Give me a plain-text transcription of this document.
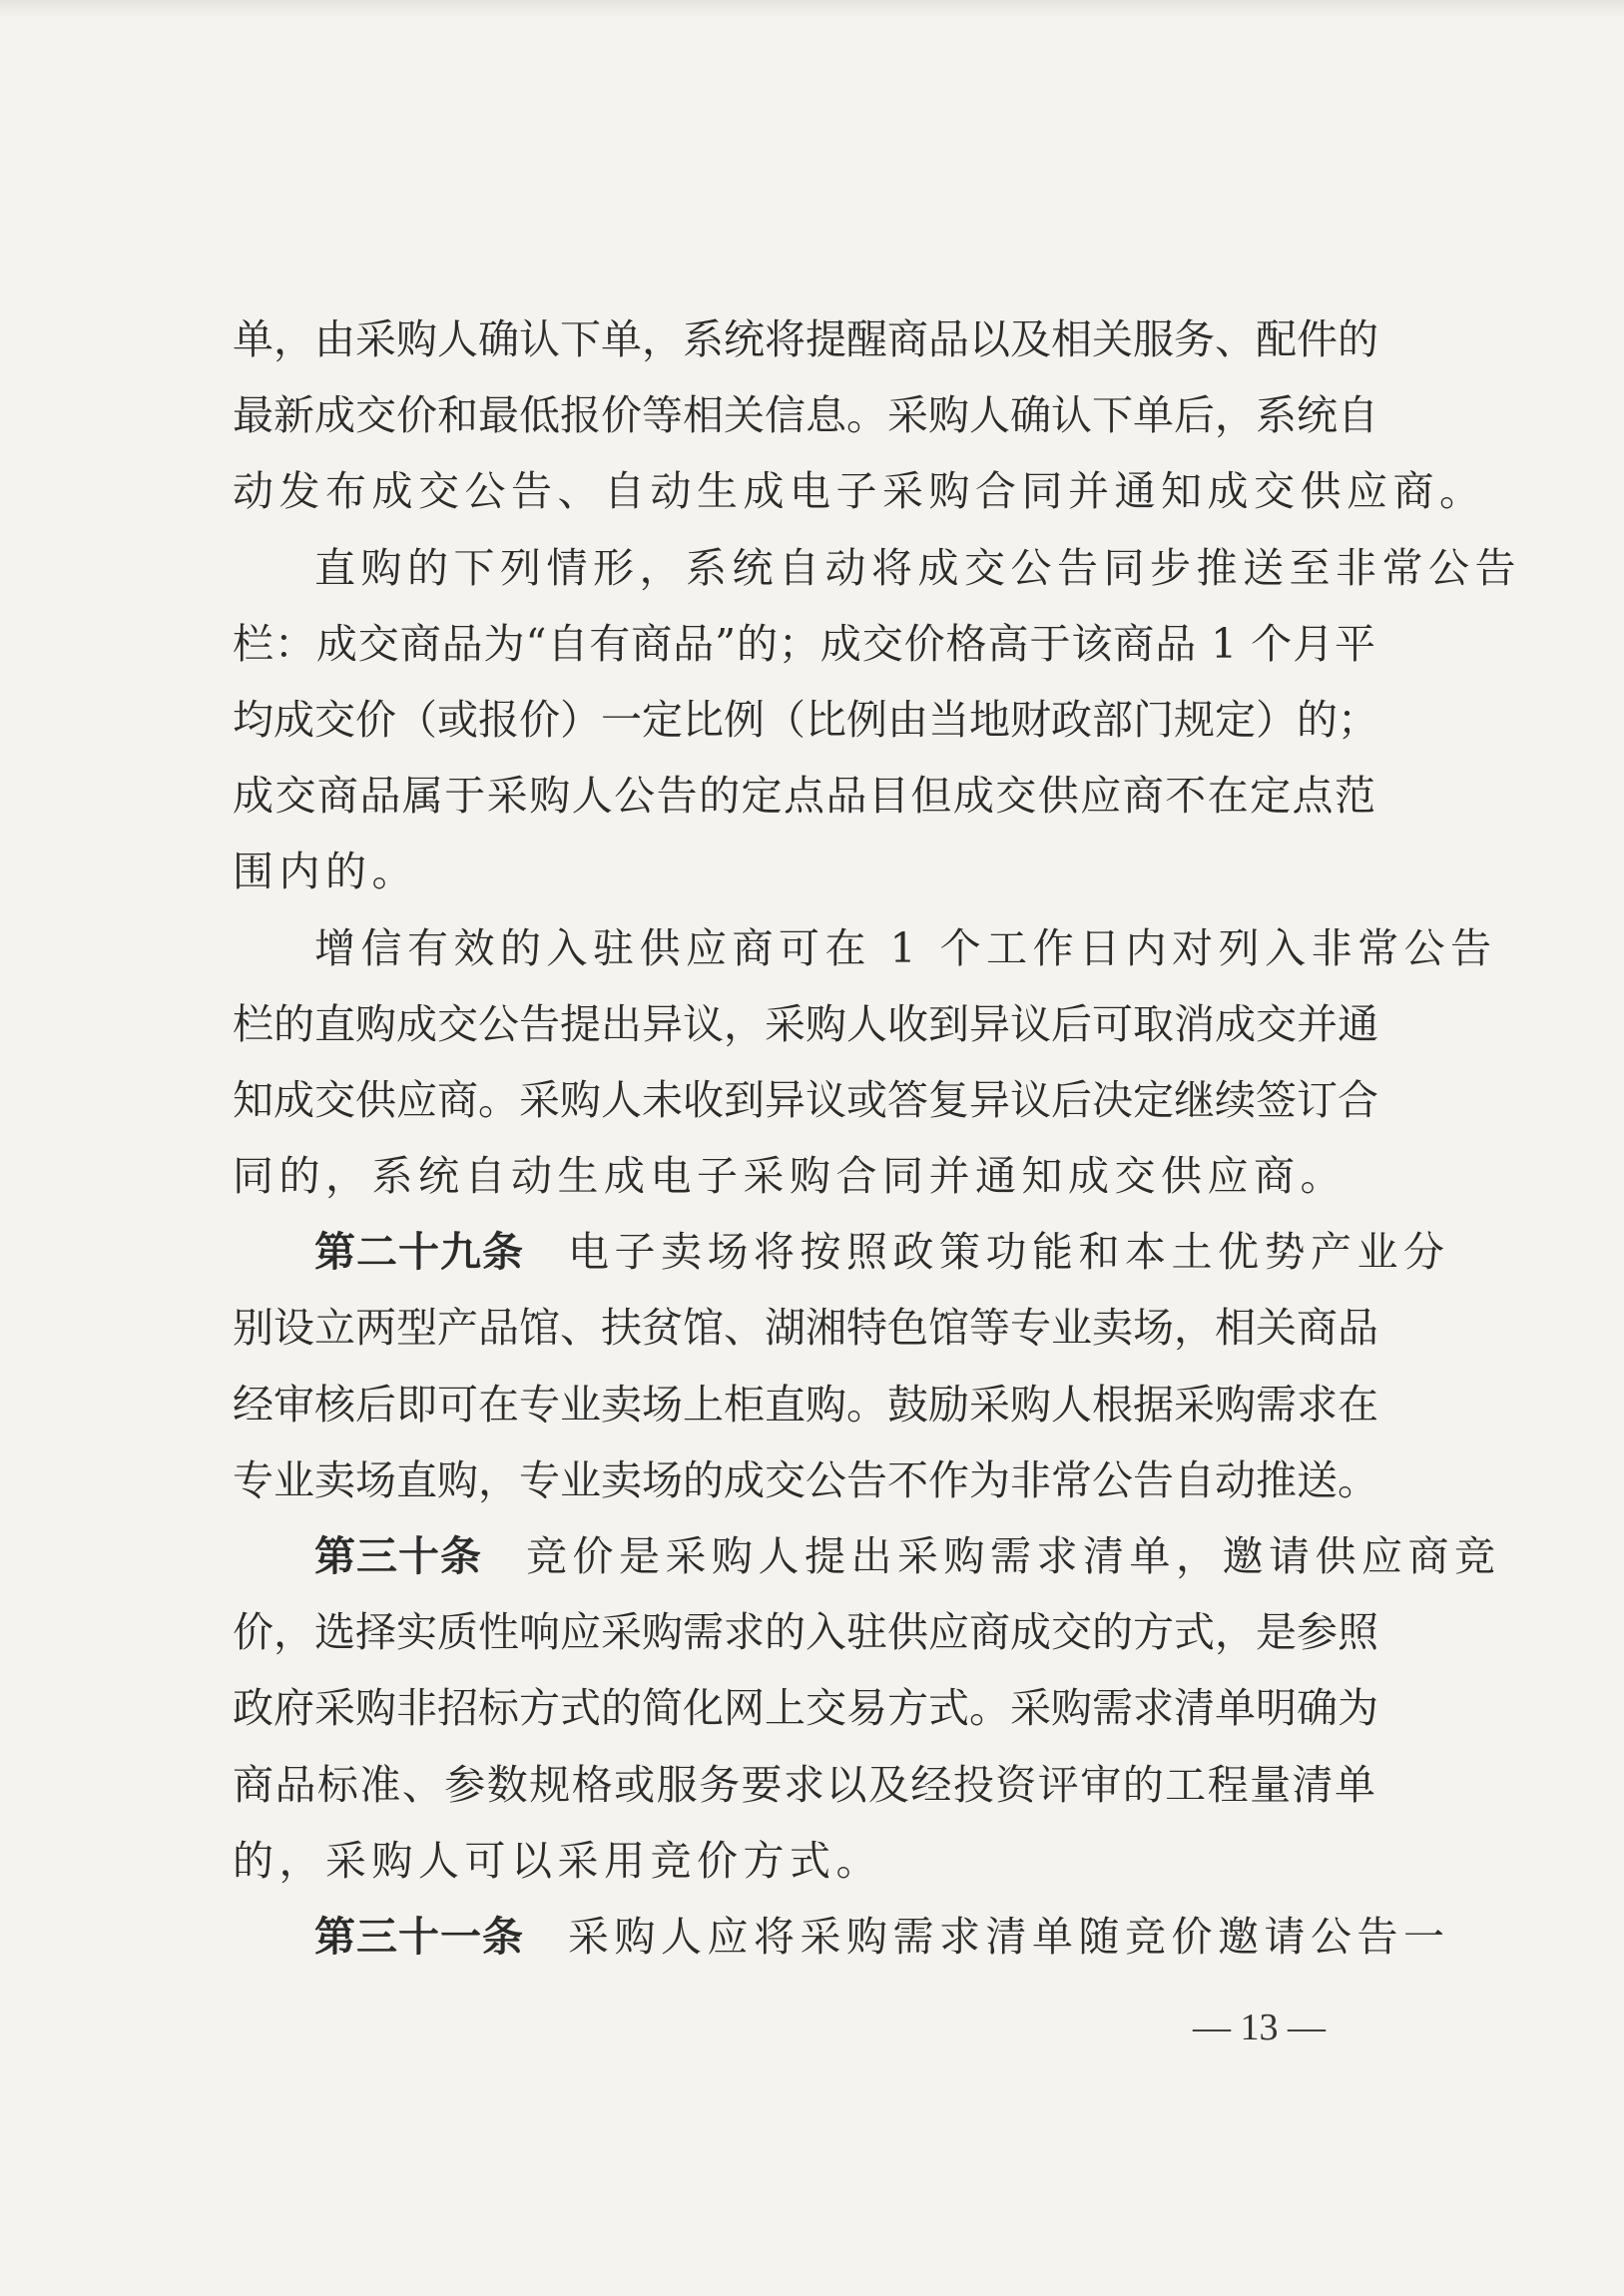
单，由采购人确认下单，系统将提醒商品以及相关服务、配件的
最新成交价和最低报价等相关信息。采购人确认下单后，系统自
动发布成交公告、自动生成电子采购合同并通知成交供应商。
直购的下列情形，系统自动将成交公告同步推送至非常公告
栏：成交商品为“自有商品”的；成交价格高于该商品 1 个月平
均成交价（或报价）一定比例（比例由当地财政部门规定）的；
成交商品属于采购人公告的定点品目但成交供应商不在定点范
围内的。
增信有效的入驻供应商可在 1 个工作日内对列入非常公告
栏的直购成交公告提出异议，采购人收到异议后可取消成交并通
知成交供应商。采购人未收到异议或答复异议后决定继续签订合
同的，系统自动生成电子采购合同并通知成交供应商。
第二十九条 电子卖场将按照政策功能和本土优势产业分
别设立两型产品馆、扶贫馆、湖湘特色馆等专业卖场，相关商品
经审核后即可在专业卖场上柜直购。鼓励采购人根据采购需求在
专业卖场直购，专业卖场的成交公告不作为非常公告自动推送。
第三十条 竞价是采购人提出采购需求清单，邀请供应商竞
价，选择实质性响应采购需求的入驻供应商成交的方式，是参照
政府采购非招标方式的简化网上交易方式。采购需求清单明确为
商品标准、参数规格或服务要求以及经投资评审的工程量清单
的，采购人可以采用竞价方式。
第三十一条 采购人应将采购需求清单随竞价邀请公告一
— 13 —
